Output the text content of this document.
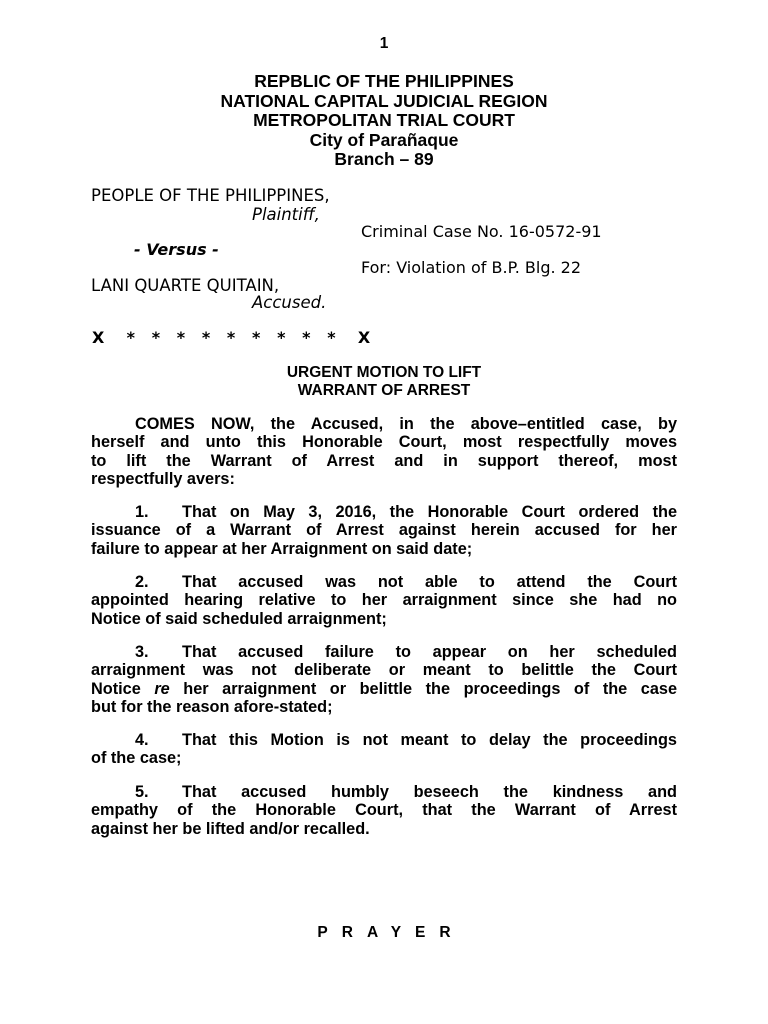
1
REPBLIC OF THE PHILIPPINES
NATIONAL CAPITAL JUDICIAL REGION
METROPOLITAN TRIAL COURT
City of Parañaque
Branch – 89
PEOPLE OF THE PHILIPPINES,
Plaintiff,
Criminal Case No. 16-0572-91
- Versus -
For: Violation of B.P. Blg. 22
LANI QUARTE QUITAIN,
Accused.
X    *   *   *   *   *   *   *   *   *    X
URGENT MOTION TO LIFT
WARRANT OF ARREST
COMES NOW, the Accused, in the above–entitled case, by
herself and unto this Honorable Court, most respectfully moves
to lift the Warrant of Arrest and in support thereof, most
respectfully avers:
1. That on May 3, 2016, the Honorable Court ordered the
issuance of a Warrant of Arrest against herein accused for her
failure to appear at her Arraignment on said date;
2. That accused was not able to attend the Court
appointed hearing relative to her arraignment since she had no
Notice of said scheduled arraignment;
3. That accused failure to appear on her scheduled
arraignment was not deliberate or meant to belittle the Court
Notice re her arraignment or belittle the proceedings of the case
but for the reason afore-stated;
4. That this Motion is not meant to delay the proceedings
of the case;
5. That accused humbly beseech the kindness and
empathy of the Honorable Court, that the Warrant of Arrest
against her be lifted and/or recalled.
PRAYER
